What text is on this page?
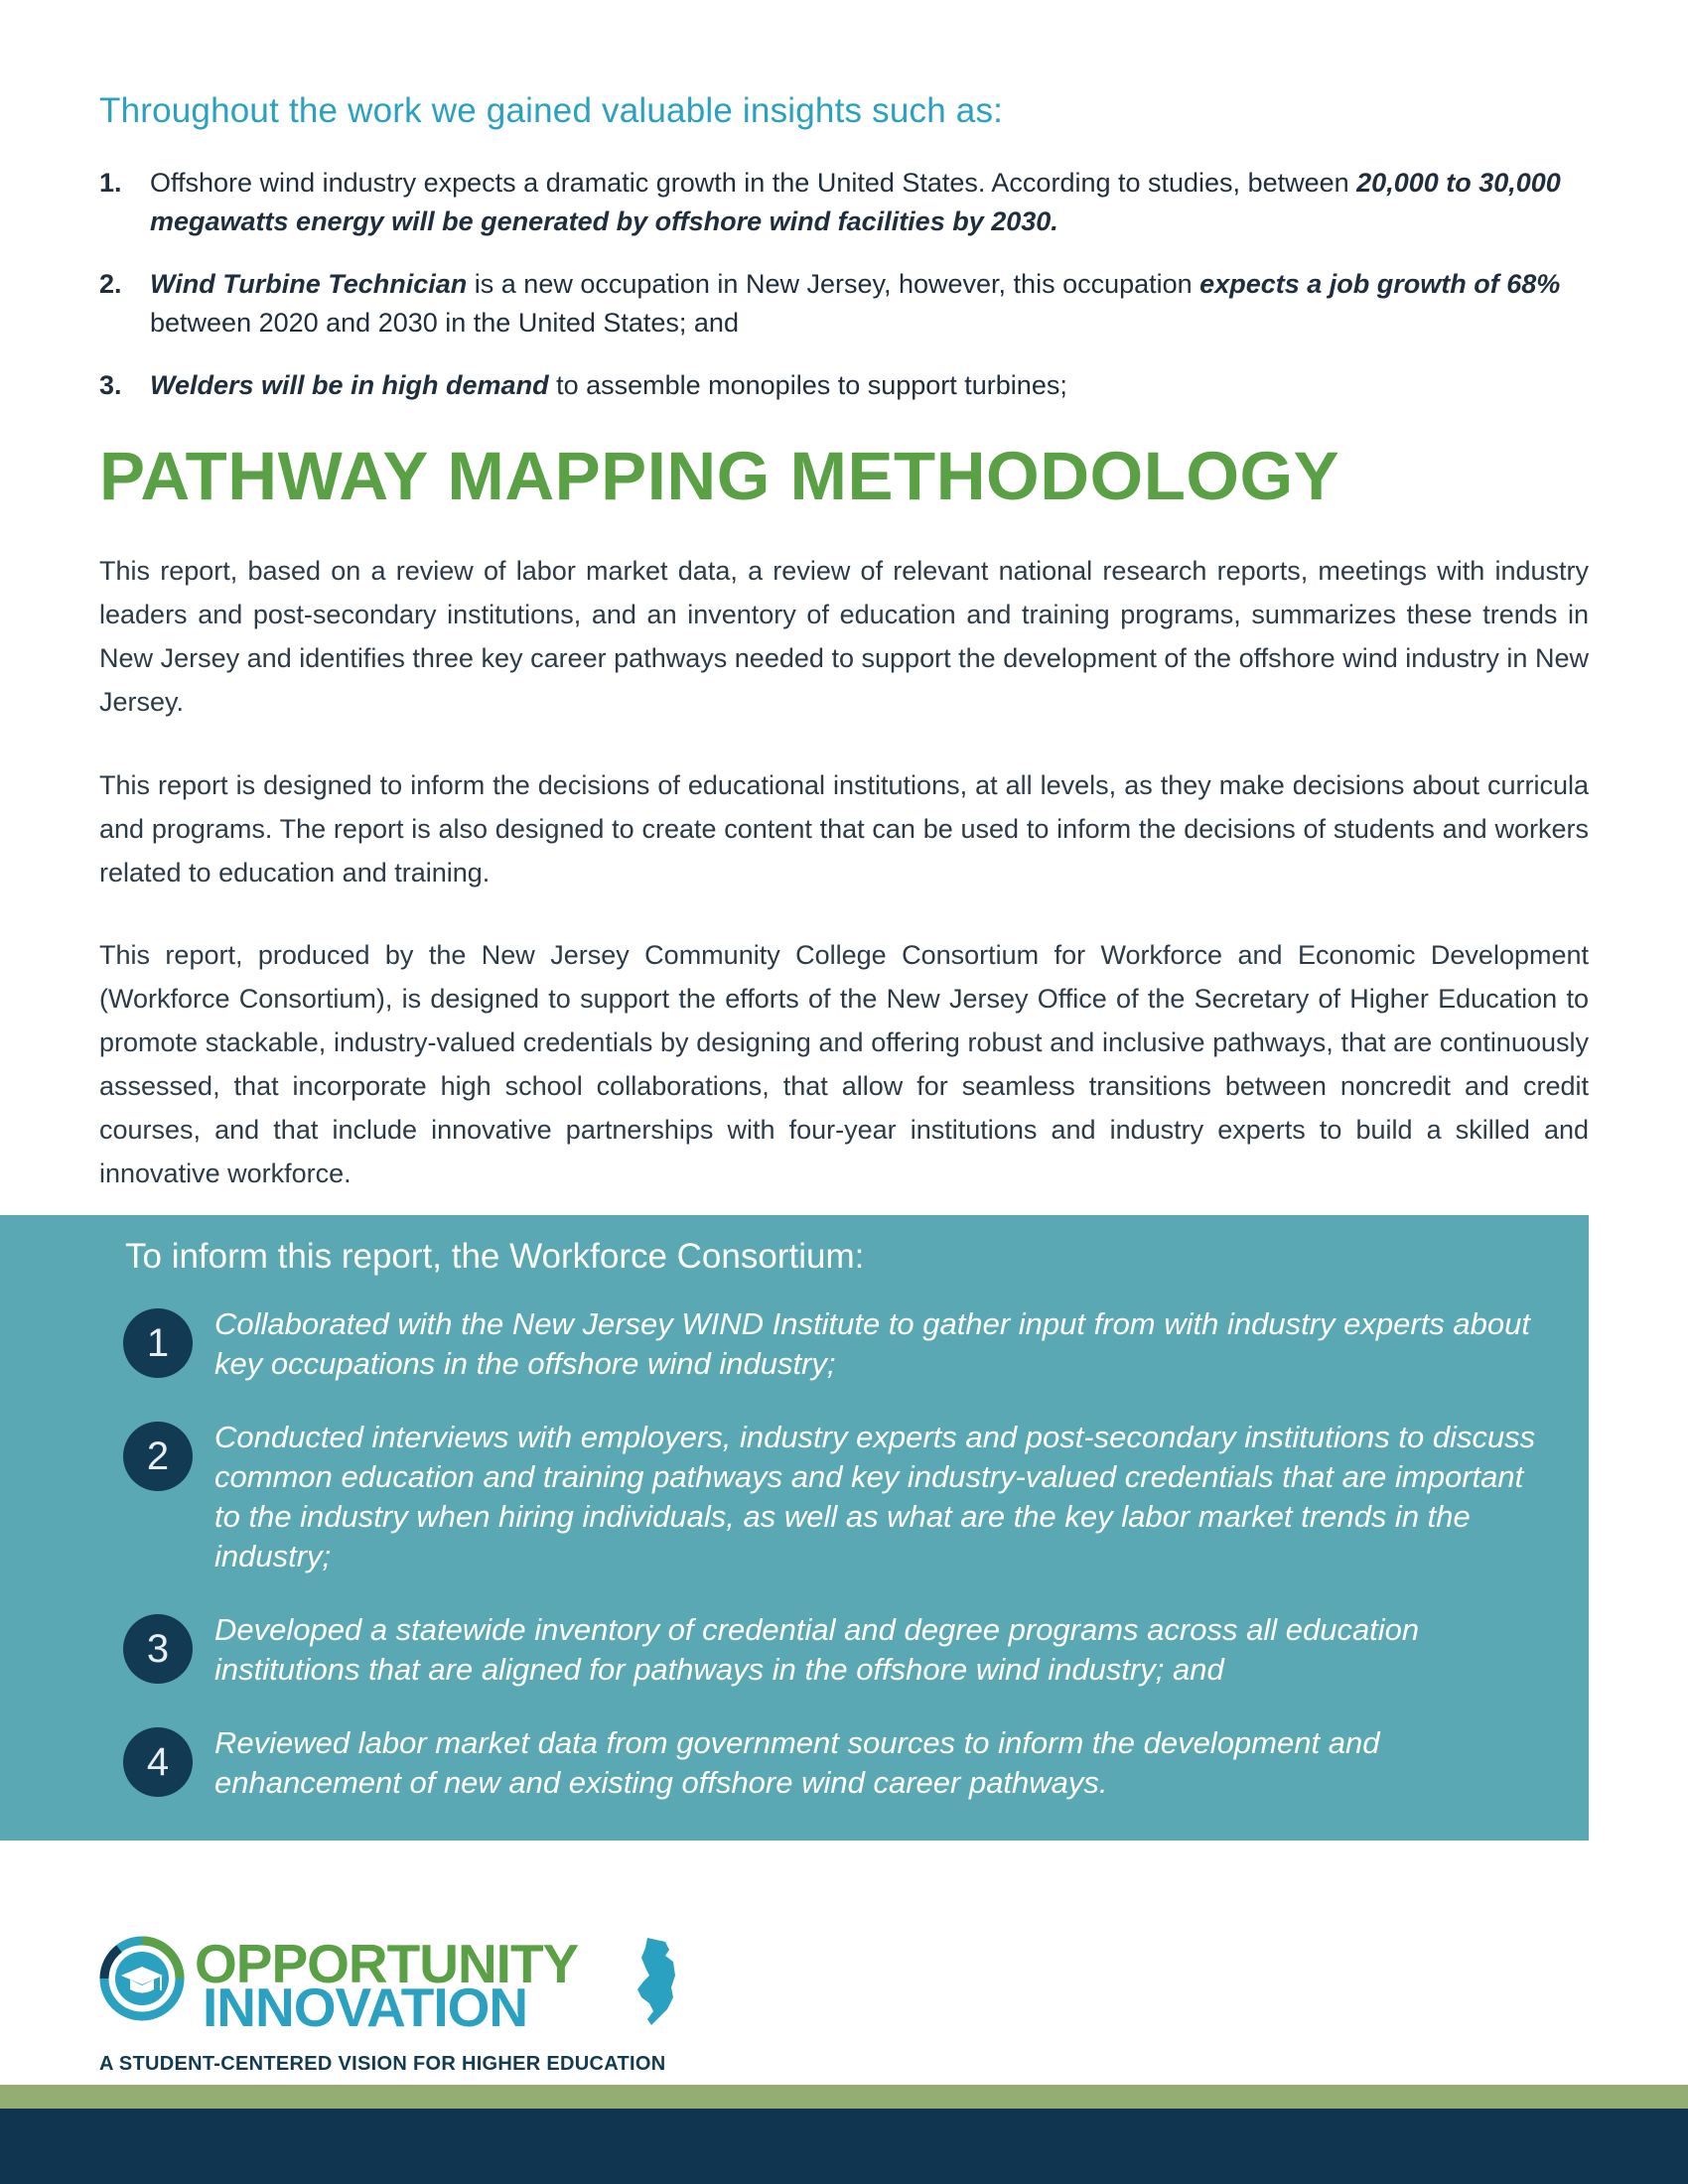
Throughout the work we gained valuable insights such as:
1. Offshore wind industry expects a dramatic growth in the United States. According to studies, between 20,000 to 30,000 megawatts energy will be generated by offshore wind facilities by 2030.
2. Wind Turbine Technician is a new occupation in New Jersey, however, this occupation expects a job growth of 68% between 2020 and 2030 in the United States; and
3. Welders will be in high demand to assemble monopiles to support turbines;
PATHWAY MAPPING METHODOLOGY

This report, based on a review of labor market data, a review of relevant national research reports, meetings with industry leaders and post-secondary institutions, and an inventory of education and training programs, summarizes these trends in New Jersey and identifies three key career pathways needed to support the development of the offshore wind industry in New Jersey.

This report is designed to inform the decisions of educational institutions, at all levels, as they make decisions about curricula and programs. The report is also designed to create content that can be used to inform the decisions of students and workers related to education and training.

This report, produced by the New Jersey Community College Consortium for Workforce and Economic Development (Workforce Consortium), is designed to support the efforts of the New Jersey Office of the Secretary of Higher Education to promote stackable, industry-valued credentials by designing and offering robust and inclusive pathways, that are continuously assessed, that incorporate high school collaborations, that allow for seamless transitions between noncredit and credit courses, and that include innovative partnerships with four-year institutions and industry experts to build a skilled and innovative workforce.

To inform this report, the Workforce Consortium:
1	Collaborated with the New Jersey WIND Institute to gather input from with industry experts about key occupations in the offshore wind industry;
2	Conducted interviews with employers, industry experts and post-secondary institutions to discuss common education and training pathways and key industry-valued credentials that are important to the industry when hiring individuals, as well as what are the key labor market trends in the industry;
3	Developed a statewide inventory of credential and degree programs across all education institutions that are aligned for pathways in the offshore wind industry; and
4	Reviewed labor market data from government sources to inform the development and enhancement of new and existing offshore wind career pathways.
OPPORTUNITY
INNOVATION
A STUDENT-CENTERED VISION FOR HIGHER EDUCATION
